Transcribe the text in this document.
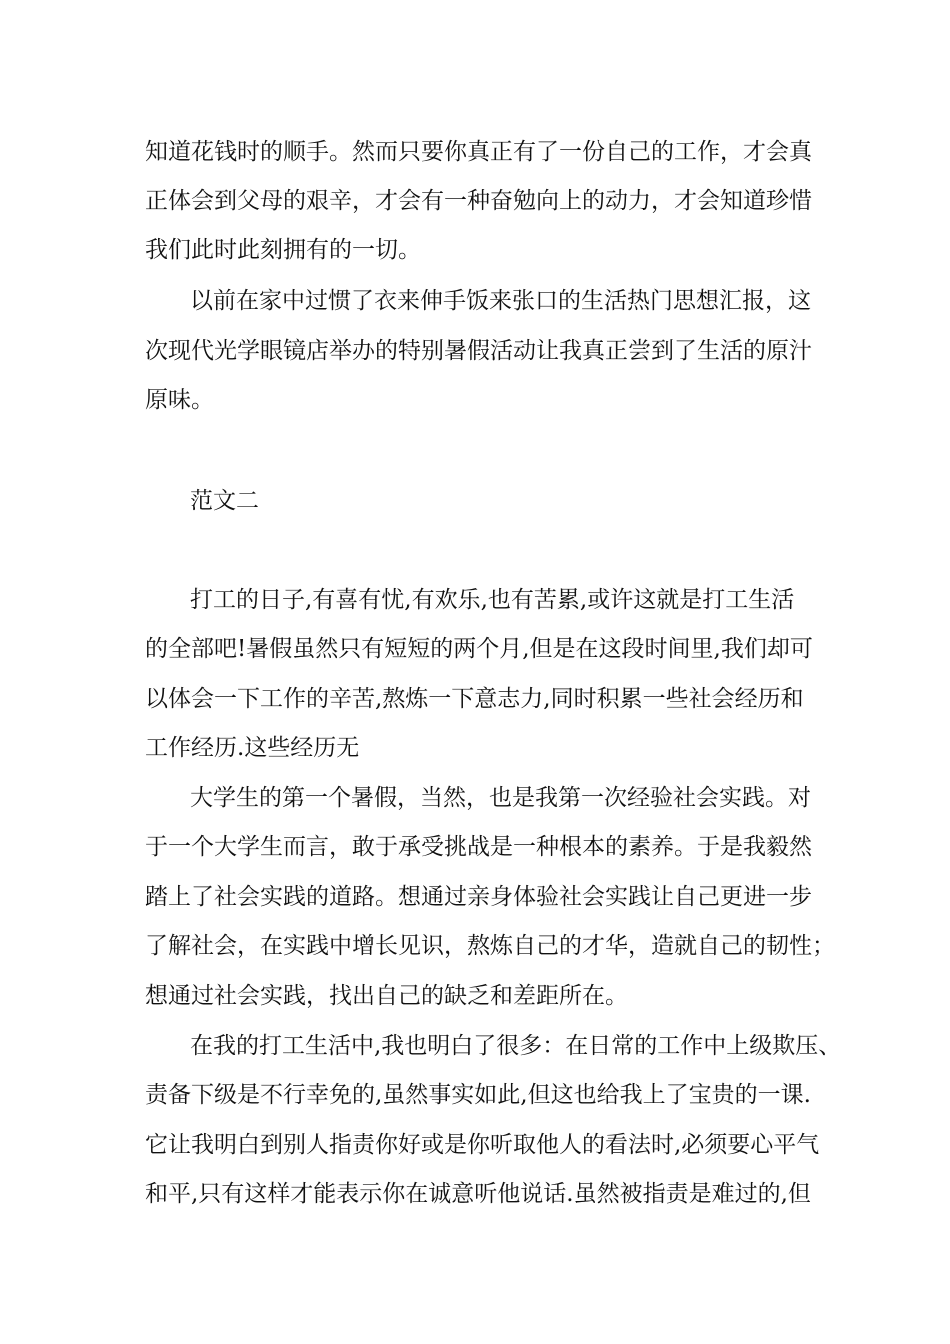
知道花钱时的顺手。然而只要你真正有了一份自己的工作，才会真
正体会到父母的艰辛，才会有一种奋勉向上的动力，才会知道珍惜
我们此时此刻拥有的一切。
以前在家中过惯了衣来伸手饭来张口的生活热门思想汇报，这
次现代光学眼镜店举办的特别暑假活动让我真正尝到了生活的原汁
原味。
范文二
打工的日子,有喜有忧,有欢乐,也有苦累,或许这就是打工生活
的全部吧!暑假虽然只有短短的两个月,但是在这段时间里,我们却可
以体会一下工作的辛苦,熬炼一下意志力,同时积累一些社会经历和
工作经历.这些经历无
大学生的第一个暑假，当然，也是我第一次经验社会实践。对
于一个大学生而言，敢于承受挑战是一种根本的素养。于是我毅然
踏上了社会实践的道路。想通过亲身体验社会实践让自己更进一步
了解社会，在实践中增长见识，熬炼自己的才华，造就自己的韧性；
想通过社会实践，找出自己的缺乏和差距所在。
在我的打工生活中,我也明白了很多：在日常的工作中上级欺压、
责备下级是不行幸免的,虽然事实如此,但这也给我上了宝贵的一课.
它让我明白到别人指责你好或是你听取他人的看法时,必须要心平气
和平,只有这样才能表示你在诚意听他说话.虽然被指责是难过的,但
